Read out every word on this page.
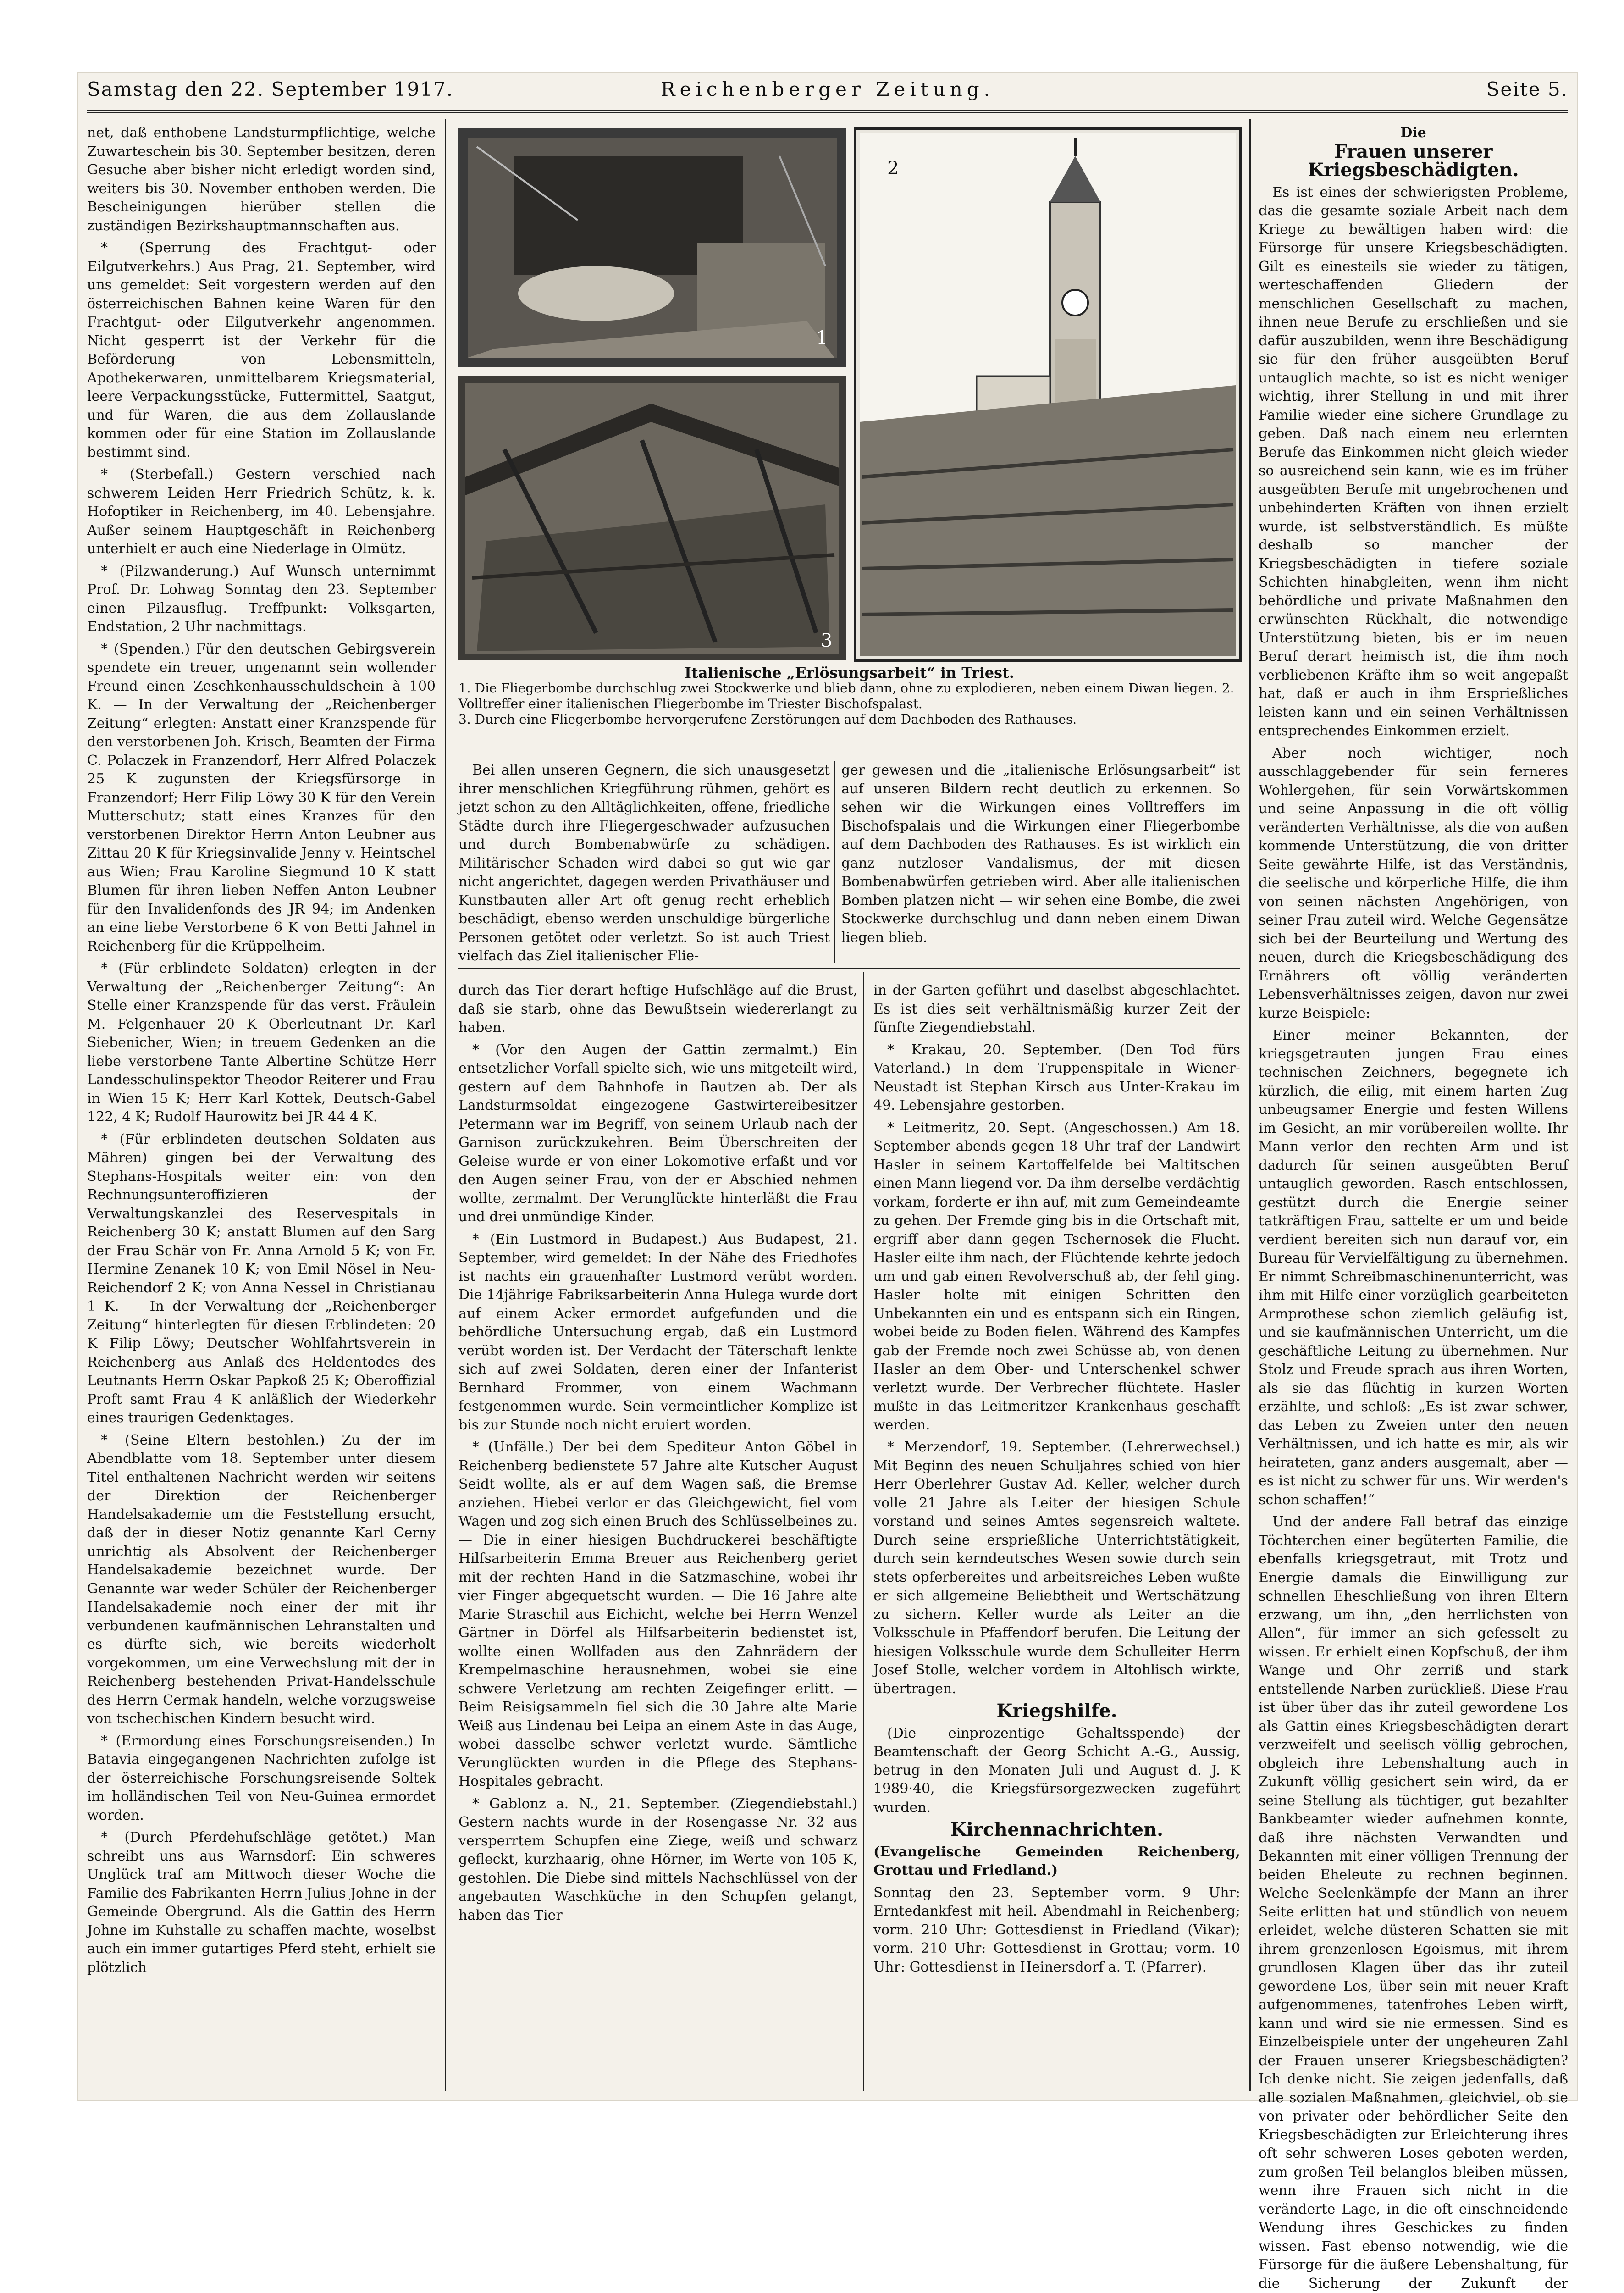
Samstag den 22. September 1917.	Reichenberger Zeitung.	Seite 5.

net, daß enthobene Landsturmpflichtige, welche Zuwarteschein bis 30. September besitzen, deren Gesuche aber bisher nicht erledigt worden sind, weiters bis 30. November enthoben werden. Die Bescheinigungen hierüber stellen die zuständigen Bezirkshauptmannschaften aus.

* (Sperrung des Frachtgut- oder Eilgutverkehrs.) Aus Prag, 21. September, wird uns gemeldet: Seit vorgestern werden auf den österreichischen Bahnen keine Waren für den Frachtgut- oder Eilgutverkehr angenommen. Nicht gesperrt ist der Verkehr für die Beförderung von Lebensmitteln, Apothekerwaren, unmittelbarem Kriegsmaterial, leere Verpackungsstücke, Futtermittel, Saatgut, und für Waren, die aus dem Zollauslande kommen oder für eine Station im Zollauslande bestimmt sind.

* (Sterbefall.) Gestern verschied nach schwerem Leiden Herr Friedrich Schütz, k. k. Hofoptiker in Reichenberg, im 40. Lebensjahre. Außer seinem Hauptgeschäft in Reichenberg unterhielt er auch eine Niederlage in Olmütz.

* (Pilzwanderung.) Auf Wunsch unternimmt Prof. Dr. Lohwag Sonntag den 23. September einen Pilzausflug. Treffpunkt: Volksgarten, Endstation, 2 Uhr nachmittags.

* (Spenden.) Für den deutschen Gebirgsverein spendete ein treuer, ungenannt sein wollender Freund einen Zeschkenhausschuldschein à 100 K. — In der Verwaltung der „Reichenberger Zeitung“ erlegten: Anstatt einer Kranzspende für den verstorbenen Joh. Krisch, Beamten der Firma C. Polaczek in Franzendorf, Herr Alfred Polaczek 25 K zugunsten der Kriegsfürsorge in Franzendorf; Herr Filip Löwy 30 K für den Verein Mutterschutz; statt eines Kranzes für den verstorbenen Direktor Herrn Anton Leubner aus Zittau 20 K für Kriegsinvalide Jenny v. Heintschel aus Wien; Frau Karoline Siegmund 10 K statt Blumen für ihren lieben Neffen Anton Leubner für den Invalidenfonds des JR 94; im Andenken an eine liebe Verstorbene 6 K von Betti Jahnel in Reichenberg für die Krüppelheim.

* (Für erblindete Soldaten) erlegten in der Verwaltung der „Reichenberger Zeitung“: An Stelle einer Kranzspende für das verst. Fräulein M. Felgenhauer 20 K Oberleutnant Dr. Karl Siebenicher, Wien; in treuem Gedenken an die liebe verstorbene Tante Albertine Schütze Herr Landesschulinspektor Theodor Reiterer und Frau in Wien 15 K; Herr Karl Kottek, Deutsch-Gabel 122, 4 K; Rudolf Haurowitz bei JR 44 4 K.

* (Für erblindeten deutschen Soldaten aus Mähren) gingen bei der Verwaltung des Stephans-Hospitals weiter ein: von den Rechnungsunteroffizieren der Verwaltungskanzlei des Reservespitals in Reichenberg 30 K; anstatt Blumen auf den Sarg der Frau Schär von Fr. Anna Arnold 5 K; von Fr. Hermine Zenanek 10 K; von Emil Nösel in Neu-Reichendorf 2 K; von Anna Nessel in Christianau 1 K. — In der Verwaltung der „Reichenberger Zeitung“ hinterlegten für diesen Erblindeten: 20 K Filip Löwy; Deutscher Wohlfahrtsverein in Reichenberg aus Anlaß des Heldentodes des Leutnants Herrn Oskar Papkoß 25 K; Oberoffizial Proft samt Frau 4 K anläßlich der Wiederkehr eines traurigen Gedenktages.

* (Seine Eltern bestohlen.) Zu der im Abendblatte vom 18. September unter diesem Titel enthaltenen Nachricht werden wir seitens der Direktion der Reichenberger Handelsakademie um die Feststellung ersucht, daß der in dieser Notiz genannte Karl Cerny unrichtig als Absolvent der Reichenberger Handelsakademie bezeichnet wurde. Der Genannte war weder Schüler der Reichenberger Handelsakademie noch einer der mit ihr verbundenen kaufmännischen Lehranstalten und es dürfte sich, wie bereits wiederholt vorgekommen, um eine Verwechslung mit der in Reichenberg bestehenden Privat-Handelsschule des Herrn Cermak handeln, welche vorzugsweise von tschechischen Kindern besucht wird.

* (Ermordung eines Forschungsreisenden.) In Batavia eingegangenen Nachrichten zufolge ist der österreichische Forschungsreisende Soltek im holländischen Teil von Neu-Guinea ermordet worden.

* (Durch Pferdehufschläge getötet.) Man schreibt uns aus Warnsdorf: Ein schweres Unglück traf am Mittwoch dieser Woche die Familie des Fabrikanten Herrn Julius Johne in der Gemeinde Obergrund. Als die Gattin des Herrn Johne im Kuhstalle zu schaffen machte, woselbst auch ein immer gutartiges Pferd steht, erhielt sie plötzlich

1
3
2
Italienische „Erlösungsarbeit“ in Triest.
1. Die Fliegerbombe durchschlug zwei Stockwerke und blieb dann, ohne zu explodieren, neben einem Diwan liegen. 2. Volltreffer einer italienischen Fliegerbombe im Triester Bischofspalast.
3. Durch eine Fliegerbombe hervorgerufene Zerstörungen auf dem Dachboden des Rathauses.

Bei allen unseren Gegnern, die sich unausgesetzt ihrer menschlichen Kriegführung rühmen, gehört es jetzt schon zu den Alltäglichkeiten, offene, friedliche Städte durch ihre Fliegergeschwader aufzusuchen und durch Bombenabwürfe zu schädigen. Militärischer Schaden wird dabei so gut wie gar nicht angerichtet, dagegen werden Privathäuser und Kunstbauten aller Art oft genug recht erheblich beschädigt, ebenso werden unschuldige bürgerliche Personen getötet oder verletzt. So ist auch Triest vielfach das Ziel italienischer Flie-

ger gewesen und die „italienische Erlösungsarbeit“ ist auf unseren Bildern recht deutlich zu erkennen. So sehen wir die Wirkungen eines Volltreffers im Bischofspalais und die Wirkungen einer Fliegerbombe auf dem Dachboden des Rathauses. Es ist wirklich ein ganz nutzloser Vandalismus, der mit diesen Bombenabwürfen getrieben wird. Aber alle italienischen Bomben platzen nicht — wir sehen eine Bombe, die zwei Stockwerke durchschlug und dann neben einem Diwan liegen blieb.

durch das Tier derart heftige Hufschläge auf die Brust, daß sie starb, ohne das Bewußtsein wiedererlangt zu haben.

* (Vor den Augen der Gattin zermalmt.) Ein entsetzlicher Vorfall spielte sich, wie uns mitgeteilt wird, gestern auf dem Bahnhofe in Bautzen ab. Der als Landsturmsoldat eingezogene Gastwirtereibesitzer Petermann war im Begriff, von seinem Urlaub nach der Garnison zurückzukehren. Beim Überschreiten der Geleise wurde er von einer Lokomotive erfaßt und vor den Augen seiner Frau, von der er Abschied nehmen wollte, zermalmt. Der Verunglückte hinterläßt die Frau und drei unmündige Kinder.

* (Ein Lustmord in Budapest.) Aus Budapest, 21. September, wird gemeldet: In der Nähe des Friedhofes ist nachts ein grauenhafter Lustmord verübt worden. Die 14jährige Fabriksarbeiterin Anna Hulega wurde dort auf einem Acker ermordet aufgefunden und die behördliche Untersuchung ergab, daß ein Lustmord verübt worden ist. Der Verdacht der Täterschaft lenkte sich auf zwei Soldaten, deren einer der Infanterist Bernhard Frommer, von einem Wachmann festgenommen wurde. Sein vermeintlicher Komplize ist bis zur Stunde noch nicht eruiert worden.

* (Unfälle.) Der bei dem Spediteur Anton Göbel in Reichenberg bedienstete 57 Jahre alte Kutscher August Seidt wollte, als er auf dem Wagen saß, die Bremse anziehen. Hiebei verlor er das Gleichgewicht, fiel vom Wagen und zog sich einen Bruch des Schlüsselbeines zu. — Die in einer hiesigen Buchdruckerei beschäftigte Hilfsarbeiterin Emma Breuer aus Reichenberg geriet mit der rechten Hand in die Satzmaschine, wobei ihr vier Finger abgequetscht wurden. — Die 16 Jahre alte Marie Straschil aus Eichicht, welche bei Herrn Wenzel Gärtner in Dörfel als Hilfsarbeiterin bedienstet ist, wollte einen Wollfaden aus den Zahnrädern der Krempelmaschine herausnehmen, wobei sie eine schwere Verletzung am rechten Zeigefinger erlitt. — Beim Reisigsammeln fiel sich die 30 Jahre alte Marie Weiß aus Lindenau bei Leipa an einem Aste in das Auge, wobei dasselbe schwer verletzt wurde. Sämtliche Verunglückten wurden in die Pflege des Stephans-Hospitales gebracht.

* Gablonz a. N., 21. September. (Ziegendiebstahl.) Gestern nachts wurde in der Rosengasse Nr. 32 aus versperrtem Schupfen eine Ziege, weiß und schwarz gefleckt, kurzhaarig, ohne Hörner, im Werte von 105 K, gestohlen. Die Diebe sind mittels Nachschlüssel von der angebauten Waschküche in den Schupfen gelangt, haben das Tier

in der Garten geführt und daselbst abgeschlachtet. Es ist dies seit verhältnismäßig kurzer Zeit der fünfte Ziegendiebstahl.

* Krakau, 20. September. (Den Tod fürs Vaterland.) In dem Truppenspitale in Wiener-Neustadt ist Stephan Kirsch aus Unter-Krakau im 49. Lebensjahre gestorben.

* Leitmeritz, 20. Sept. (Angeschossen.) Am 18. September abends gegen 18 Uhr traf der Landwirt Hasler in seinem Kartoffelfelde bei Maltitschen einen Mann liegend vor. Da ihm derselbe verdächtig vorkam, forderte er ihn auf, mit zum Gemeindeamte zu gehen. Der Fremde ging bis in die Ortschaft mit, ergriff aber dann gegen Tschernosek die Flucht. Hasler eilte ihm nach, der Flüchtende kehrte jedoch um und gab einen Revolverschuß ab, der fehl ging. Hasler holte mit einigen Schritten den Unbekannten ein und es entspann sich ein Ringen, wobei beide zu Boden fielen. Während des Kampfes gab der Fremde noch zwei Schüsse ab, von denen Hasler an dem Ober- und Unterschenkel schwer verletzt wurde. Der Verbrecher flüchtete. Hasler mußte in das Leitmeritzer Krankenhaus geschafft werden.

* Merzendorf, 19. September. (Lehrerwechsel.) Mit Beginn des neuen Schuljahres schied von hier Herr Oberlehrer Gustav Ad. Keller, welcher durch volle 21 Jahre als Leiter der hiesigen Schule vorstand und seines Amtes segensreich waltete. Durch seine ersprießliche Unterrichtstätigkeit, durch sein kerndeutsches Wesen sowie durch sein stets opferbereites und arbeitsreiches Leben wußte er sich allgemeine Beliebtheit und Wertschätzung zu sichern. Keller wurde als Leiter an die Volksschule in Pfaffendorf berufen. Die Leitung der hiesigen Volksschule wurde dem Schulleiter Herrn Josef Stolle, welcher vordem in Altohlisch wirkte, übertragen.

Kriegshilfe.

(Die einprozentige Gehaltsspende) der Beamtenschaft der Georg Schicht A.-G., Aussig, betrug in den Monaten Juli und August d. J. K 1989·40, die Kriegsfürsorgezwecken zugeführt wurden.

Kirchennachrichten.

(Evangelische Gemeinden Reichenberg, Grottau und Friedland.)

Sonntag den 23. September vorm. 9 Uhr: Erntedankfest mit heil. Abendmahl in Reichenberg; vorm. 210 Uhr: Gottesdienst in Friedland (Vikar); vorm. 210 Uhr: Gottesdienst in Grottau; vorm. 10 Uhr: Gottesdienst in Heinersdorf a. T. (Pfarrer).

Die

Frauen unserer Kriegsbeschädigten.

Es ist eines der schwierigsten Probleme, das die gesamte soziale Arbeit nach dem Kriege zu bewältigen haben wird: die Fürsorge für unsere Kriegsbeschädigten. Gilt es einesteils sie wieder zu tätigen, werteschaffenden Gliedern der menschlichen Gesellschaft zu machen, ihnen neue Berufe zu erschließen und sie dafür auszubilden, wenn ihre Beschädigung sie für den früher ausgeübten Beruf untauglich machte, so ist es nicht weniger wichtig, ihrer Stellung in und mit ihrer Familie wieder eine sichere Grundlage zu geben. Daß nach einem neu erlernten Berufe das Einkommen nicht gleich wieder so ausreichend sein kann, wie es im früher ausgeübten Berufe mit ungebrochenen und unbehinderten Kräften von ihnen erzielt wurde, ist selbstverständlich. Es müßte deshalb so mancher der Kriegsbeschädigten in tiefere soziale Schichten hinabgleiten, wenn ihm nicht behördliche und private Maßnahmen den erwünschten Rückhalt, die notwendige Unterstützung bieten, bis er im neuen Beruf derart heimisch ist, die ihm noch verbliebenen Kräfte ihm so weit angepaßt hat, daß er auch in ihm Ersprießliches leisten kann und ein seinen Verhältnissen entsprechendes Einkommen erzielt.

Aber noch wichtiger, noch ausschlaggebender für sein ferneres Wohlergehen, für sein Vorwärtskommen und seine Anpassung in die oft völlig veränderten Verhältnisse, als die von außen kommende Unterstützung, die von dritter Seite gewährte Hilfe, ist das Verständnis, die seelische und körperliche Hilfe, die ihm von seinen nächsten Angehörigen, von seiner Frau zuteil wird. Welche Gegensätze sich bei der Beurteilung und Wertung des neuen, durch die Kriegsbeschädigung des Ernährers oft völlig veränderten Lebensverhältnisses zeigen, davon nur zwei kurze Beispiele:

Einer meiner Bekannten, der kriegsgetrauten jungen Frau eines technischen Zeichners, begegnete ich kürzlich, die eilig, mit einem harten Zug unbeugsamer Energie und festen Willens im Gesicht, an mir vorübereilen wollte. Ihr Mann verlor den rechten Arm und ist dadurch für seinen ausgeübten Beruf untauglich geworden. Rasch entschlossen, gestützt durch die Energie seiner tatkräftigen Frau, sattelte er um und beide verdient bereiten sich nun darauf vor, ein Bureau für Vervielfältigung zu übernehmen. Er nimmt Schreibmaschinenunterricht, was ihm mit Hilfe einer vorzüglich gearbeiteten Armprothese schon ziemlich geläufig ist, und sie kaufmännischen Unterricht, um die geschäftliche Leitung zu übernehmen. Nur Stolz und Freude sprach aus ihren Worten, als sie das flüchtig in kurzen Worten erzählte, und schloß: „Es ist zwar schwer, das Leben zu Zweien unter den neuen Verhältnissen, und ich hatte es mir, als wir heirateten, ganz anders ausgemalt, aber — es ist nicht zu schwer für uns. Wir werden's schon schaffen!“

Und der andere Fall betraf das einzige Töchterchen einer begüterten Familie, die ebenfalls kriegsgetraut, mit Trotz und Energie damals die Einwilligung zur schnellen Eheschließung von ihren Eltern erzwang, um ihn, „den herrlichsten von Allen“, für immer an sich gefesselt zu wissen. Er erhielt einen Kopfschuß, der ihm Wange und Ohr zerriß und stark entstellende Narben zurückließ. Diese Frau ist über über das ihr zuteil gewordene Los als Gattin eines Kriegsbeschädigten derart verzweifelt und seelisch völlig gebrochen, obgleich ihre Lebenshaltung auch in Zukunft völlig gesichert sein wird, da er seine Stellung als tüchtiger, gut bezahlter Bankbeamter wieder aufnehmen konnte, daß ihre nächsten Verwandten und Bekannten mit einer völligen Trennung der beiden Eheleute zu rechnen beginnen. Welche Seelenkämpfe der Mann an ihrer Seite erlitten hat und stündlich von neuem erleidet, welche düsteren Schatten sie mit ihrem grenzenlosen Egoismus, mit ihrem grundlosen Klagen über das ihr zuteil gewordene Los, über sein mit neuer Kraft aufgenommenes, tatenfrohes Leben wirft, kann und wird sie nie ermessen. Sind es Einzelbeispiele unter der ungeheuren Zahl der Frauen unserer Kriegsbeschädigten? Ich denke nicht. Sie zeigen jedenfalls, daß alle sozialen Maßnahmen, gleichviel, ob sie von privater oder behördlicher Seite den Kriegsbeschädigten zur Erleichterung ihres oft sehr schweren Loses geboten werden, zum großen Teil belanglos bleiben müssen, wenn ihre Frauen sich nicht in die veränderte Lage, in die oft einschneidende Wendung ihres Geschickes zu finden wissen. Fast ebenso notwendig, wie die Fürsorge für die äußere Lebenshaltung, für die Sicherung der Zukunft der
